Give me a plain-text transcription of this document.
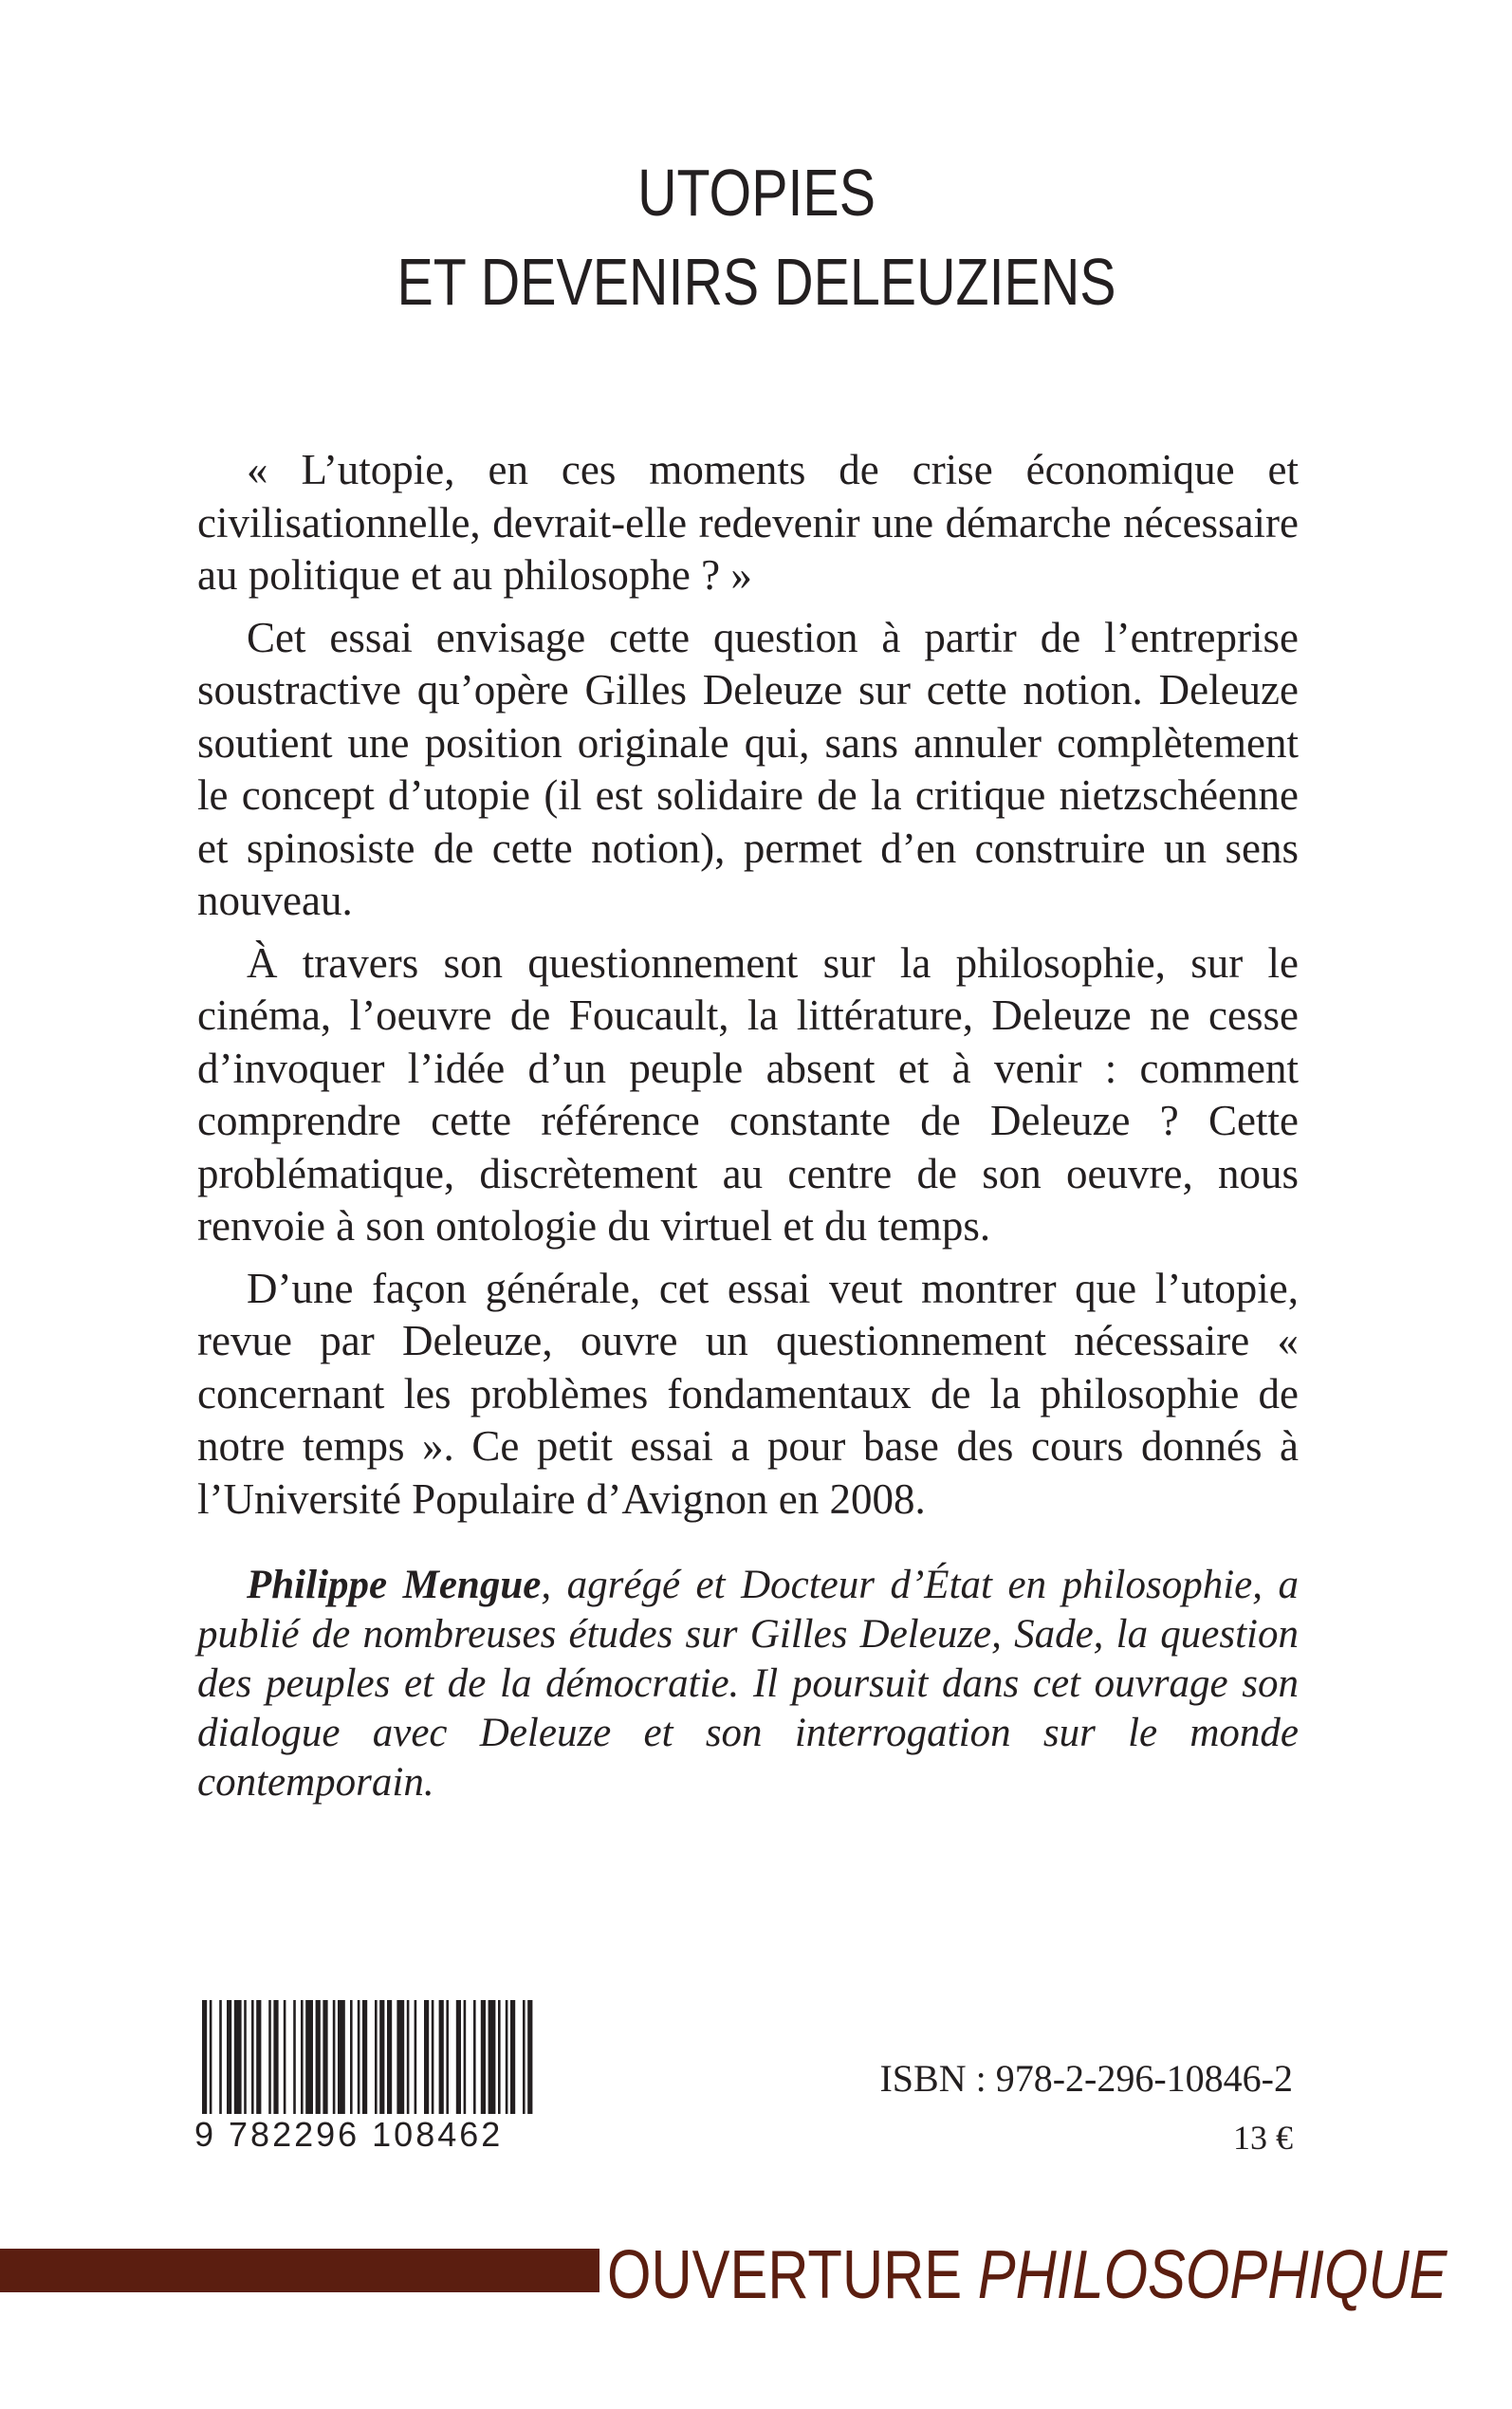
UTOPIES
ET DEVENIRS DELEUZIENS

« L’utopie, en ces moments de crise économique et civilisationnelle, devrait-elle redevenir une démarche nécessaire au politique et au philosophe ? »

Cet essai envisage cette question à partir de l’entreprise soustractive qu’opère Gilles Deleuze sur cette notion. Deleuze soutient une position originale qui, sans annuler complètement le concept d’utopie (il est solidaire de la critique nietzschéenne et spinosiste de cette notion), permet d’en construire un sens nouveau.

À travers son questionnement sur la philosophie, sur le cinéma, l’oeuvre de Foucault, la littérature, Deleuze ne cesse d’invoquer l’idée d’un peuple absent et à venir : comment comprendre cette référence constante de Deleuze ? Cette problématique, discrètement au centre de son oeuvre, nous renvoie à son ontologie du virtuel et du temps.

D’une façon générale, cet essai veut montrer que l’utopie, revue par Deleuze, ouvre un questionnement nécessaire « concernant les problèmes fondamentaux de la philosophie de notre temps ». Ce petit essai a pour base des cours donnés à l’Université Populaire d’Avignon en 2008.

Philippe Mengue, agrégé et Docteur d’État en philosophie, a publié de nombreuses études sur Gilles Deleuze, Sade, la question des peuples et de la démocratie. Il poursuit dans cet ouvrage son dialogue avec Deleuze et son interrogation sur le monde contemporain.
9 782296 108462
ISBN : 978-2-296-10846-2
13 €
OUVERTURE PHILOSOPHIQUE
